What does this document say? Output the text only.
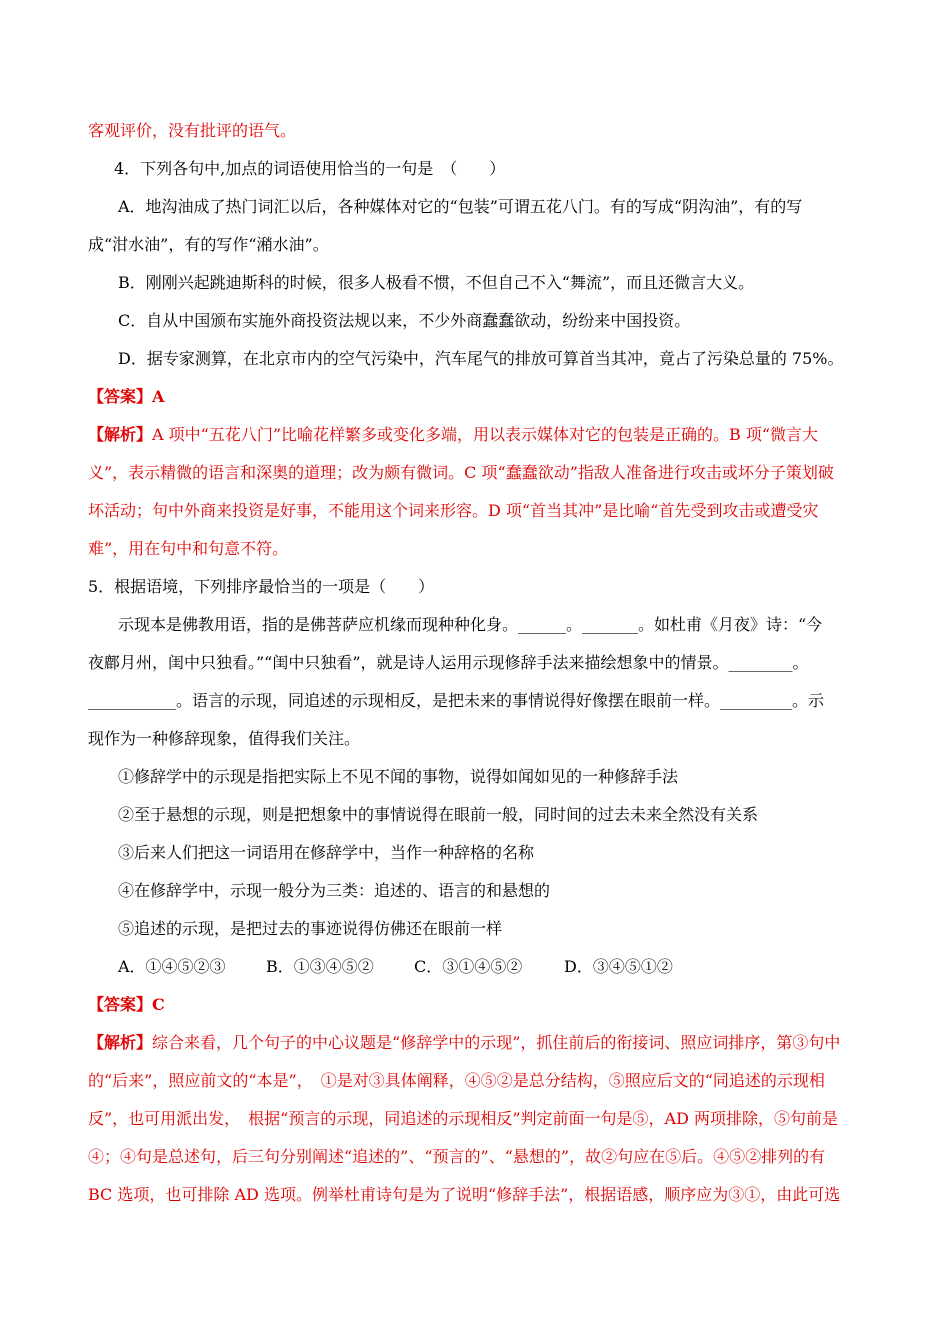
客观评价，没有批评的语气。
4．下列各句中,加点的词语使用恰当的一句是　（　　）
A．地沟油成了热门词汇以后，各种媒体对它的“包装”可谓五花八门。有的写成“阴沟油”，有的写
成“泔水油”，有的写作“潲水油”。
B．刚刚兴起跳迪斯科的时候，很多人极看不惯，不但自己不入“舞流”，而且还微言大义。
C．自从中国颁布实施外商投资法规以来，不少外商蠢蠢欲动，纷纷来中国投资。
D．据专家测算，在北京市内的空气污染中，汽车尾气的排放可算首当其冲，竟占了污染总量的 75%。
【答案】A
【解析】A 项中“五花八门”比喻花样繁多或变化多端，用以表示媒体对它的包装是正确的。B 项“微言大
义”，表示精微的语言和深奥的道理；改为颇有微词。C 项“蠢蠢欲动”指敌人准备进行攻击或坏分子策划破
坏活动；句中外商来投资是好事，不能用这个词来形容。D 项“首当其冲”是比喻“首先受到攻击或遭受灾
难”，用在句中和句意不符。
5．根据语境，下列排序最恰当的一项是（　　）
示现本是佛教用语，指的是佛菩萨应机缘而现种种化身。______。_______。如杜甫《月夜》诗：“今
夜鄜月州，闺中只独看。”“闺中只独看”，就是诗人运用示现修辞手法来描绘想象中的情景。________。
___________。语言的示现，同追述的示现相反，是把未来的事情说得好像摆在眼前一样。_________。示
现作为一种修辞现象，值得我们关注。
①修辞学中的示现是指把实际上不见不闻的事物，说得如闻如见的一种修辞手法
②至于悬想的示现，则是把想象中的事情说得在眼前一般，同时间的过去未来全然没有关系
③后来人们把这一词语用在修辞学中，当作一种辞格的名称
④在修辞学中，示现一般分为三类：追述的、语言的和悬想的
⑤追述的示现，是把过去的事迹说得仿佛还在眼前一样
A．①④⑤②③	B．①③④⑤②	C．③①④⑤②	D．③④⑤①②
【答案】C
【解析】综合来看，几个句子的中心议题是“修辞学中的示现”，抓住前后的衔接词、照应词排序，第③句中
的“后来”，照应前文的“本是”，　①是对③具体阐释，④⑤②是总分结构，⑤照应后文的“同追述的示现相
反”，也可用派出发，　根据“预言的示现，同追述的示现相反”判定前面一句是⑤，AD 两项排除，⑤句前是
④；④句是总述句，后三句分别阐述“追述的”、“预言的”、“悬想的”，故②句应在⑤后。④⑤②排列的有
BC 选项，也可排除 AD 选项。例举杜甫诗句是为了说明“修辞手法”，根据语感，顺序应为③①，由此可选
